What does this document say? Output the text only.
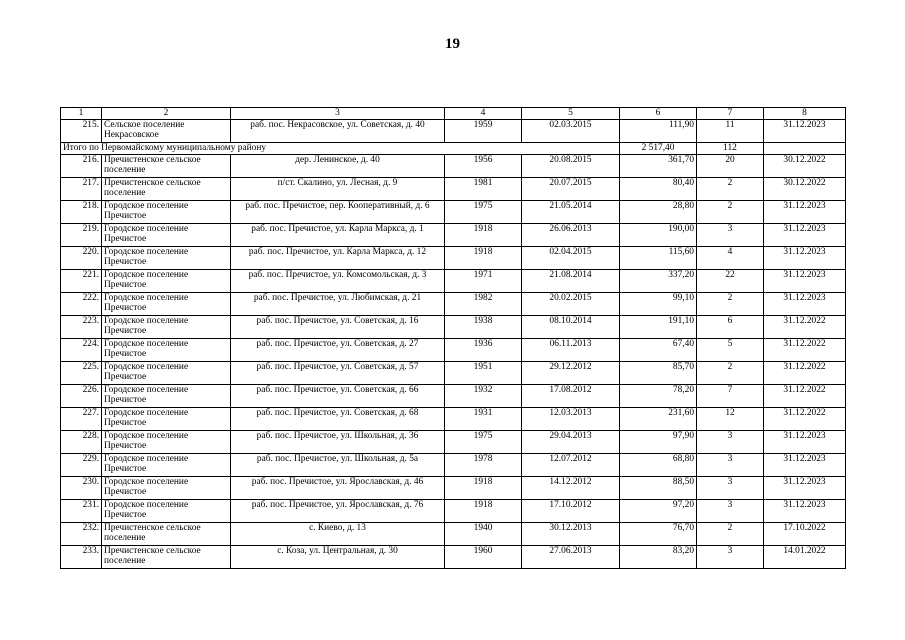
19
1	2	3	4	5	6	7	8
215.	Сельское поселение Некрасовское	раб. пос. Некрасовское, ул. Советская, д. 40	1959	02.03.2015	111,90	11	31.12.2023
Итого по Первомайскому муниципальному району					2 517,40	112	
216.	Пречистенское сельское поселение	дер. Ленинское, д. 40	1956	20.08.2015	361,70	20	30.12.2022
217.	Пречистенское сельское поселение	п/ст. Скалино, ул. Лесная, д. 9	1981	20.07.2015	80,40	2	30.12.2022
218.	Городское поселение Пречистое	раб. пос. Пречистое, пер. Кооперативный, д. 6	1975	21.05.2014	28,80	2	31.12.2023
219.	Городское поселение Пречистое	раб. пос. Пречистое, ул. Карла Маркса, д. 1	1918	26.06.2013	190,00	3	31.12.2023
220.	Городское поселение Пречистое	раб. пос. Пречистое, ул. Карла Маркса, д. 12	1918	02.04.2015	115,60	4	31.12.2023
221.	Городское поселение Пречистое	раб. пос. Пречистое, ул. Комсомольская, д. 3	1971	21.08.2014	337,20	22	31.12.2023
222.	Городское поселение Пречистое	раб. пос. Пречистое, ул. Любимская, д. 21	1982	20.02.2015	99,10	2	31.12.2023
223.	Городское поселение Пречистое	раб. пос. Пречистое, ул. Советская, д. 16	1938	08.10.2014	191,10	6	31.12.2022
224.	Городское поселение Пречистое	раб. пос. Пречистое, ул. Советская, д. 27	1936	06.11.2013	67,40	5	31.12.2022
225.	Городское поселение Пречистое	раб. пос. Пречистое, ул. Советская, д. 57	1951	29.12.2012	85,70	2	31.12.2022
226.	Городское поселение Пречистое	раб. пос. Пречистое, ул. Советская, д. 66	1932	17.08.2012	78,20	7	31.12.2022
227.	Городское поселение Пречистое	раб. пос. Пречистое, ул. Советская, д. 68	1931	12.03.2013	231,60	12	31.12.2022
228.	Городское поселение Пречистое	раб. пос. Пречистое, ул. Школьная, д. 36	1975	29.04.2013	97,90	3	31.12.2023
229.	Городское поселение Пречистое	раб. пос. Пречистое, ул. Школьная, д. 5а	1978	12.07.2012	68,80	3	31.12.2023
230.	Городское поселение Пречистое	раб. пос. Пречистое, ул. Ярославская, д. 46	1918	14.12.2012	88,50	3	31.12.2023
231.	Городское поселение Пречистое	раб. пос. Пречистое, ул. Ярославская, д. 76	1918	17.10.2012	97,20	3	31.12.2023
232.	Пречистенское сельское поселение	с. Киево, д. 13	1940	30.12.2013	76,70	2	17.10.2022
233.	Пречистенское сельское поселение	с. Коза, ул. Центральная, д. 30	1960	27.06.2013	83,20	3	14.01.2022
